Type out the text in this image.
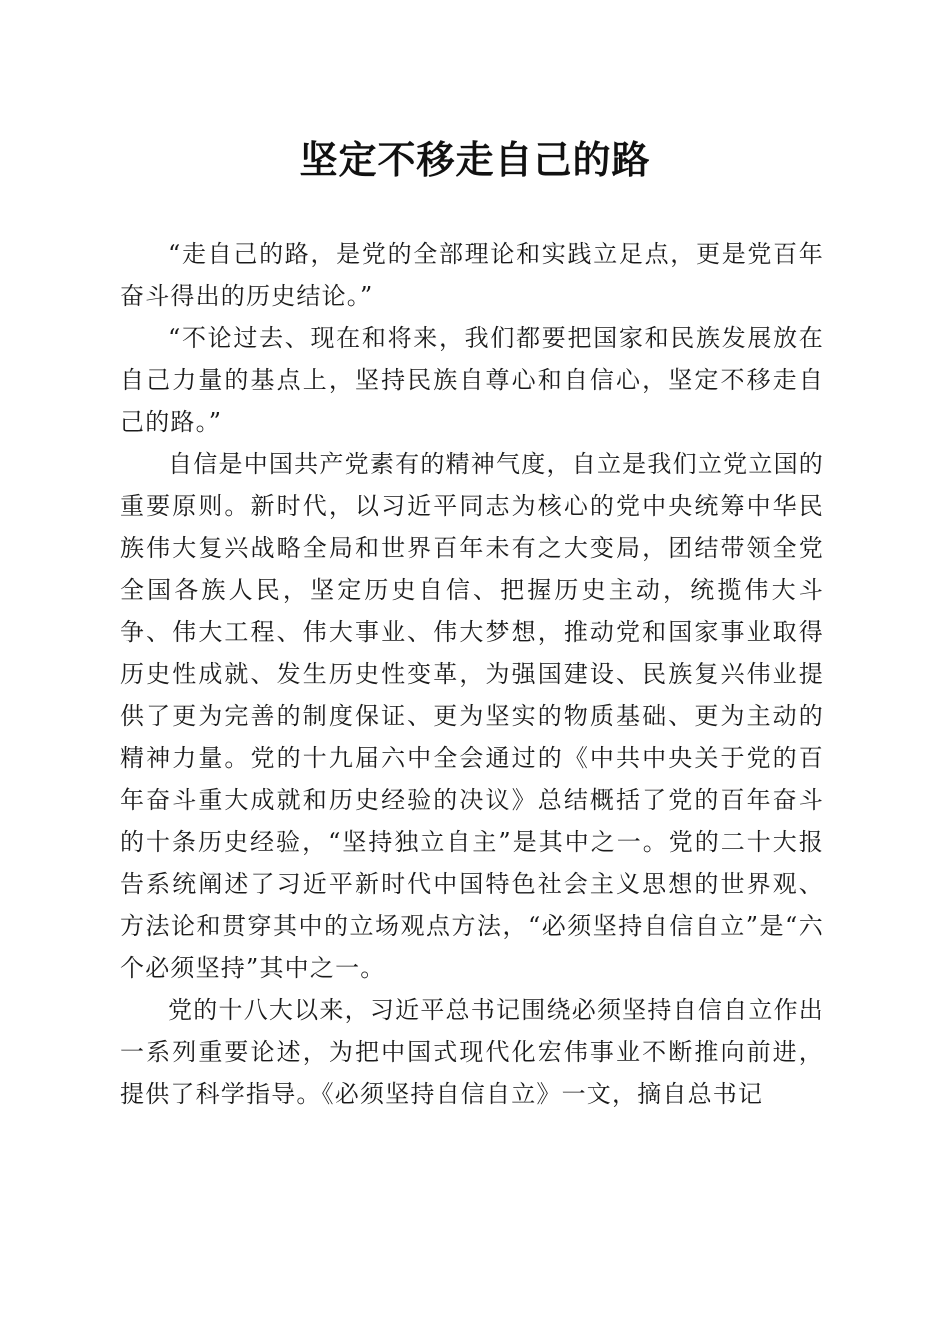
坚定不移走自己的路

“走自己的路，是党的全部理论和实践立足点，更是党百年奋斗得出的历史结论。”

“不论过去、现在和将来，我们都要把国家和民族发展放在自己力量的基点上，坚持民族自尊心和自信心，坚定不移走自己的路。”

自信是中国共产党素有的精神气度，自立是我们立党立国的重要原则。新时代，以习近平同志为核心的党中央统筹中华民族伟大复兴战略全局和世界百年未有之大变局，团结带领全党全国各族人民，坚定历史自信、把握历史主动，统揽伟大斗争、伟大工程、伟大事业、伟大梦想，推动党和国家事业取得历史性成就、发生历史性变革，为强国建设、民族复兴伟业提供了更为完善的制度保证、更为坚实的物质基础、更为主动的精神力量。党的十九届六中全会通过的《中共中央关于党的百年奋斗重大成就和历史经验的决议》总结概括了党的百年奋斗的十条历史经验，“坚持独立自主”是其中之一。党的二十大报告系统阐述了习近平新时代中国特色社会主义思想的世界观、方法论和贯穿其中的立场观点方法，“必须坚持自信自立”是“六个必须坚持”其中之一。

党的十八大以来，习近平总书记围绕必须坚持自信自立作出一系列重要论述，为把中国式现代化宏伟事业不断推向前进，提供了科学指导。《必须坚持自信自立》一文，摘自总书记
